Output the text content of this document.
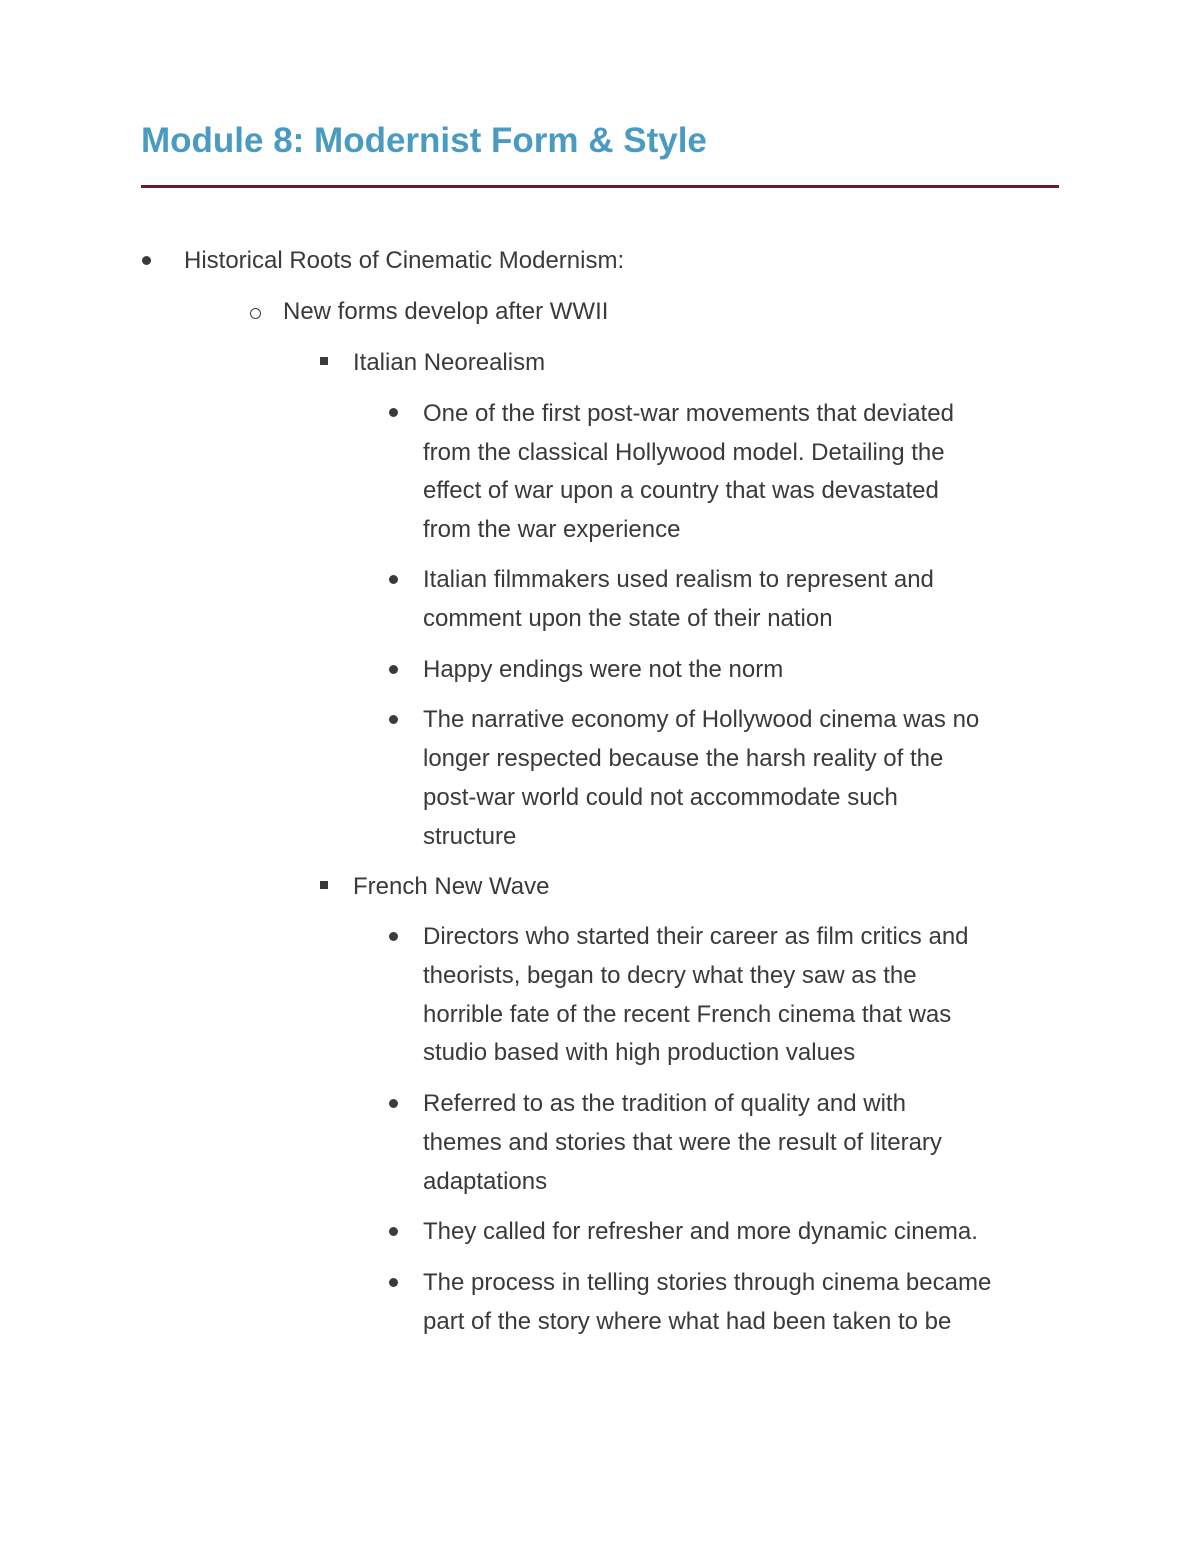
Module 8: Modernist Form & Style
Historical Roots of Cinematic Modernism:
New forms develop after WWII
Italian Neorealism
One of the first post-war movements that deviated
from the classical Hollywood model. Detailing the
effect of war upon a country that was devastated
from the war experience
Italian filmmakers used realism to represent and
comment upon the state of their nation
Happy endings were not the norm
The narrative economy of Hollywood cinema was no
longer respected because the harsh reality of the
post-war world could not accommodate such
structure
French New Wave
Directors who started their career as film critics and
theorists, began to decry what they saw as the
horrible fate of the recent French cinema that was
studio based with high production values
Referred to as the tradition of quality and with
themes and stories that were the result of literary
adaptations
They called for refresher and more dynamic cinema.
The process in telling stories through cinema became
part of the story where what had been taken to be
